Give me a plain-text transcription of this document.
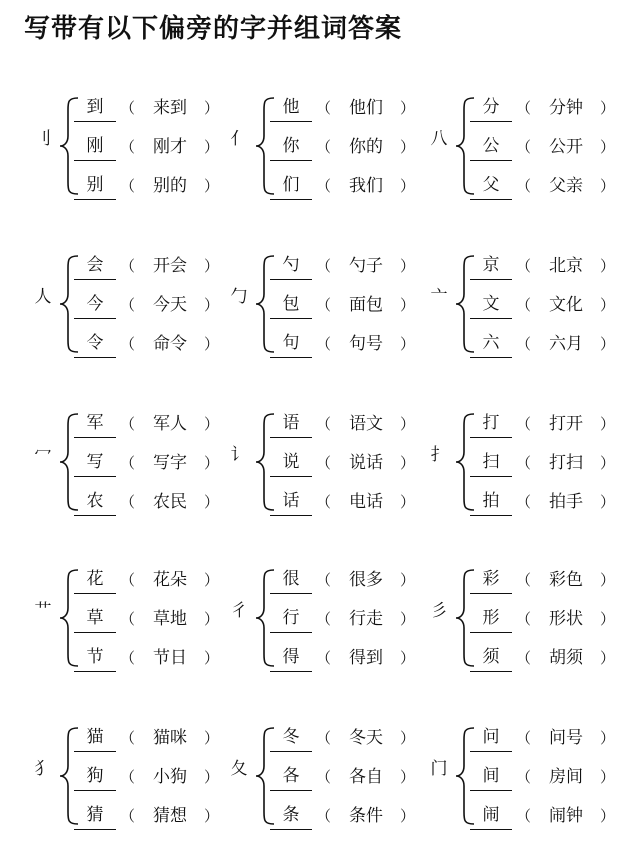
写带有以下偏旁的字并组词答案
刂
到	（	来到	）
刚	（	刚才	）
别	（	别的	）
亻
他	（	他们	）
你	（	你的	）
们	（	我们	）
八
分	（	分钟	）
公	（	公开	）
父	（	父亲	）
人
会	（	开会	）
今	（	今天	）
令	（	命令	）
勹
勺	（	勺子	）
包	（	面包	）
句	（	句号	）
亠
京	（	北京	）
文	（	文化	）
六	（	六月	）
冖
军	（	军人	）
写	（	写字	）
农	（	农民	）
讠
语	（	语文	）
说	（	说话	）
话	（	电话	）
扌
打	（	打开	）
扫	（	打扫	）
拍	（	拍手	）
艹
花	（	花朵	）
草	（	草地	）
节	（	节日	）
彳
很	（	很多	）
行	（	行走	）
得	（	得到	）
彡
彩	（	彩色	）
形	（	形状	）
须	（	胡须	）
犭
猫	（	猫咪	）
狗	（	小狗	）
猜	（	猜想	）
夂
冬	（	冬天	）
各	（	各自	）
条	（	条件	）
门
问	（	问号	）
间	（	房间	）
闹	（	闹钟	）
